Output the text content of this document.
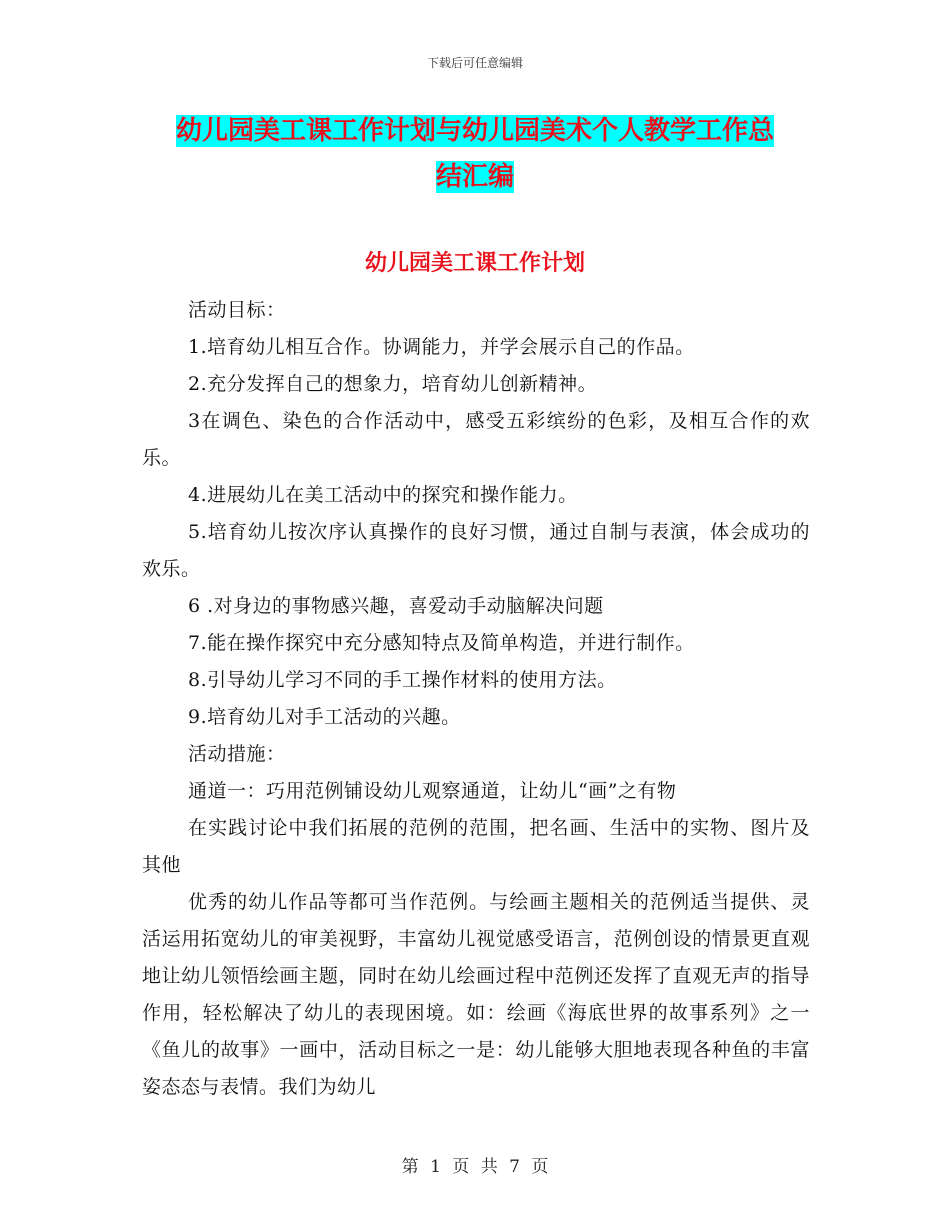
下载后可任意编辑
幼儿园美工课工作计划与幼儿园美术个人教学工作总
结汇编
幼儿园美工课工作计划

活动目标：

1.培育幼儿相互合作。协调能力，并学会展示自己的作品。

2.充分发挥自己的想象力，培育幼儿创新精神。

3在调色、染色的合作活动中，感受五彩缤纷的色彩，及相互合作的欢乐。

4.进展幼儿在美工活动中的探究和操作能力。

5.培育幼儿按次序认真操作的良好习惯，通过自制与表演，体会成功的欢乐。

6 .对身边的事物感兴趣，喜爱动手动脑解决问题

7.能在操作探究中充分感知特点及简单构造，并进行制作。

8.引导幼儿学习不同的手工操作材料的使用方法。

9.培育幼儿对手工活动的兴趣。

活动措施：

通道一：巧用范例铺设幼儿观察通道，让幼儿“画”之有物

在实践讨论中我们拓展的范例的范围，把名画、生活中的实物、图片及其他

优秀的幼儿作品等都可当作范例。与绘画主题相关的范例适当提供、灵活运用拓宽幼儿的审美视野，丰富幼儿视觉感受语言，范例创设的情景更直观地让幼儿领悟绘画主题，同时在幼儿绘画过程中范例还发挥了直观无声的指导作用，轻松解决了幼儿的表现困境。如：绘画《海底世界的故事系列》之一《鱼儿的故事》一画中，活动目标之一是：幼儿能够大胆地表现各种鱼的丰富姿态态与表情。我们为幼儿

第 1 页 共 7 页
